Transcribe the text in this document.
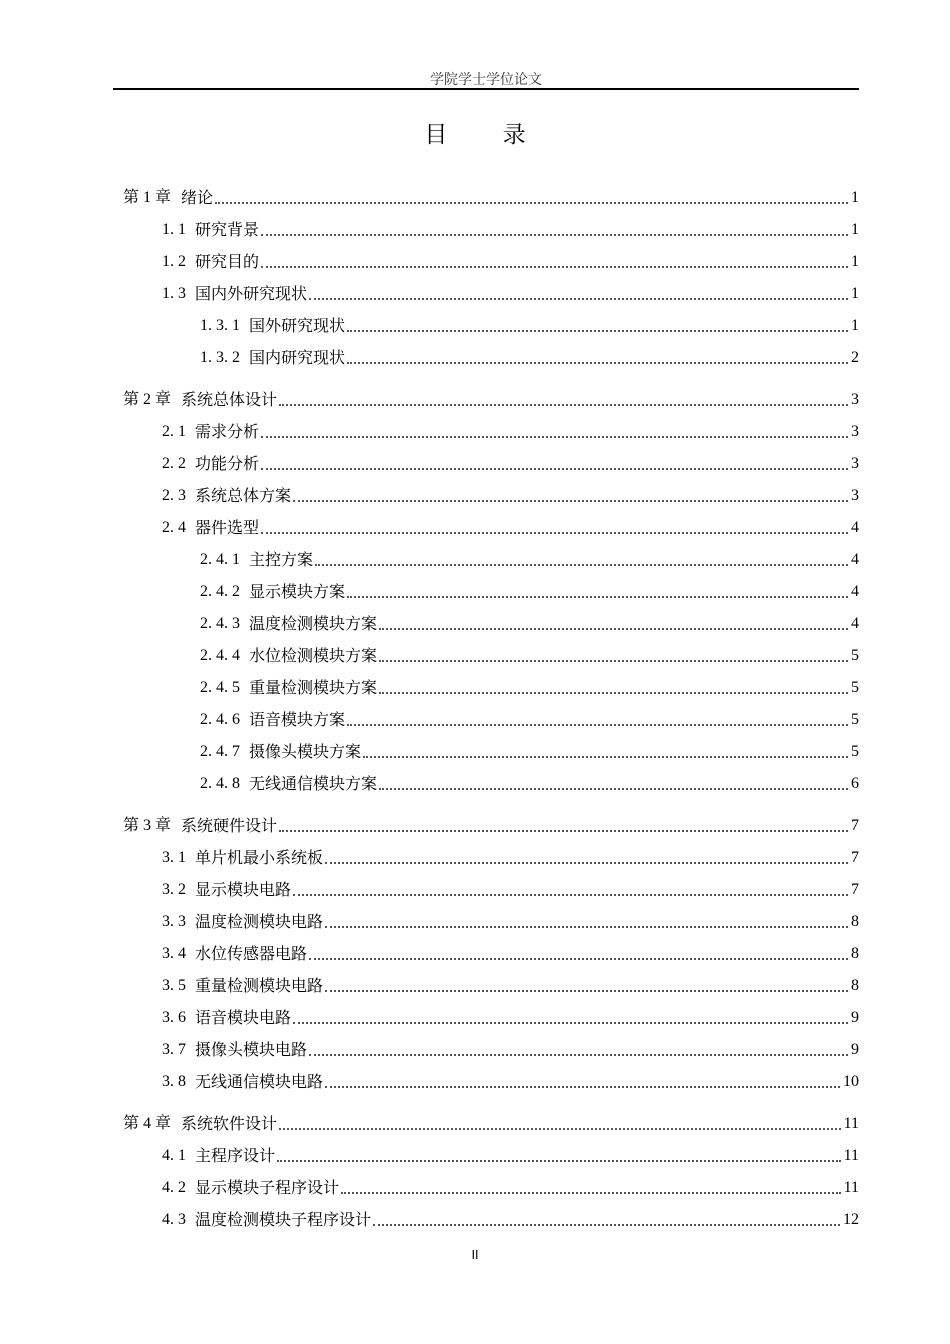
学院学士学位论文
目 录
第 1 章 绪论	1
1. 1 研究背景	1
1. 2 研究目的	1
1. 3 国内外研究现状	1
1. 3. 1 国外研究现状	1
1. 3. 2 国内研究现状	2
第 2 章 系统总体设计	3
2. 1 需求分析	3
2. 2 功能分析	3
2. 3 系统总体方案	3
2. 4 器件选型	4
2. 4. 1 主控方案	4
2. 4. 2 显示模块方案	4
2. 4. 3 温度检测模块方案	4
2. 4. 4 水位检测模块方案	5
2. 4. 5 重量检测模块方案	5
2. 4. 6 语音模块方案	5
2. 4. 7 摄像头模块方案	5
2. 4. 8 无线通信模块方案	6
第 3 章 系统硬件设计	7
3. 1 单片机最小系统板	7
3. 2 显示模块电路	7
3. 3 温度检测模块电路	8
3. 4 水位传感器电路	8
3. 5 重量检测模块电路	8
3. 6 语音模块电路	9
3. 7 摄像头模块电路	9
3. 8 无线通信模块电路	10
第 4 章 系统软件设计	11
4. 1 主程序设计	11
4. 2 显示模块子程序设计	11
4. 3 温度检测模块子程序设计	12
II
